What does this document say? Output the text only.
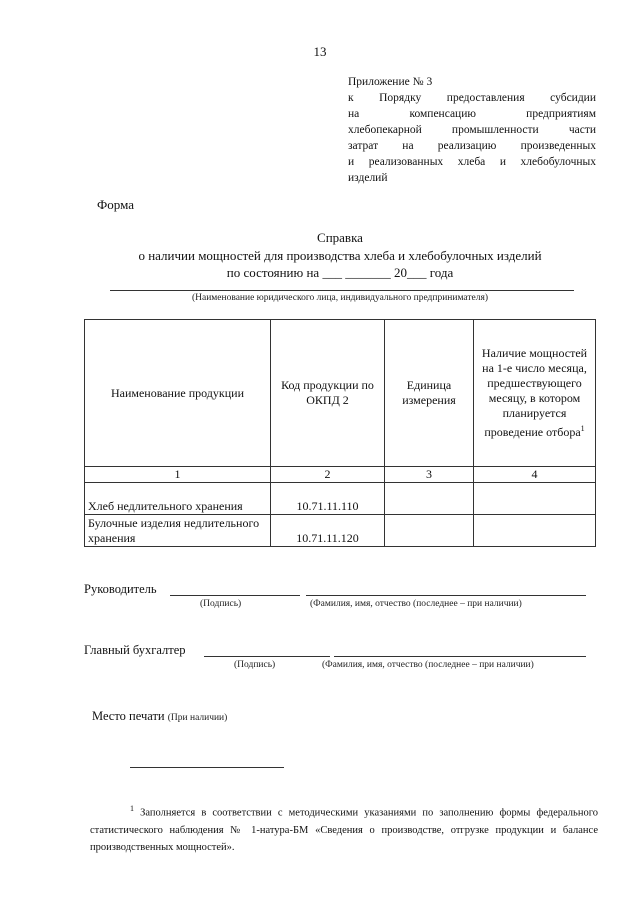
13
Приложение № 3
к Порядку предоставления субсидии
на компенсацию предприятиям
хлебопекарной промышленности части
затрат на реализацию произведенных
и реализованных хлеба и хлебобулочных
изделий
Форма
Справка
о наличии мощностей для производства хлеба и хлебобулочных изделий
по состоянию на ___ _______ 20___ года
(Наименование юридического лица, индивидуального предпринимателя)
Наименование продукции	Код продукции по ОКПД 2	Единица измерения	Наличие мощностей на 1-е число месяца, предшествующего месяцу, в котором планируется проведение отбора$^1$
1	2	3	4
Хлеб недлительного хранения	10.71.11.110		
Булочные изделия недлительного хранения	10.71.11.120		
Руководитель
(Подпись)	(Фамилия, имя, отчество (последнее – при наличии)
Главный бухгалтер
(Подпись)	(Фамилия, имя, отчество (последнее – при наличии)
Место печати (При наличии)
$^1$ Заполняется в соответствии с методическими указаниями по заполнению формы федерального статистического наблюдения № 1-натура-БМ «Сведения о производстве, отгрузке продукции и балансе производственных мощностей».
